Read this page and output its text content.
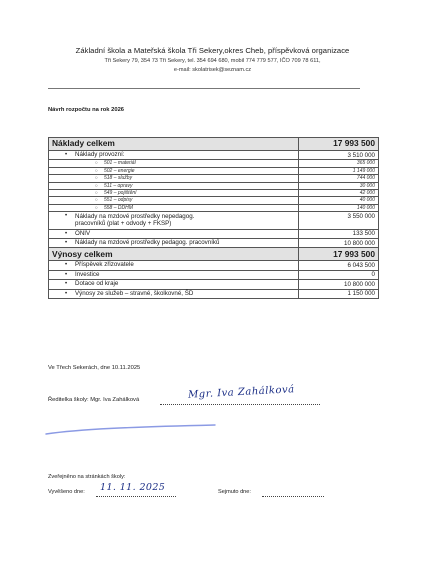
Základní škola a Mateřská škola Tři Sekery,okres Cheb, příspěvková organizace
Tři Sekery 79, 354 73 Tři Sekery, tel. 354 694 680, mobil 774 779 577, IČO 709 78 611,
e-mail: skolatrisek@seznam.cz
Návrh rozpočtu na rok 2026
Náklady celkem	17 993 500
• Náklady provozní:	3 510 000
○ 501 – materiál	365 000
○ 502 – energie	1 149 000
○ 518 – služby	744 000
○ 511 – opravy	30 000
○ 549 – pojištění	42 000
○ 551 – odpisy	40 000
○ 558 – DDHM	140 000

• Náklady na mzdové prostředky nepedagog. pracovníků (plat + odvody + FKSP)	3 550 000
• ONIV	133 500
• Náklady na mzdové prostředky pedagog. pracovníků	10 800 000
Výnosy celkem	17 993 500
• Příspěvek zřizovatele	6 043 500
• Investice	0
• Dotace od kraje	10 800 000
• Výnosy ze služeb – stravné, školkovné, ŠD	1 150 000
Ve Třech Sekerách, dne 10.11.2025
Ředitelka školy: Mgr. Iva Zahálková	Mgr. Iva Zahálková
Zveřejněno na stránkách školy:
Vyvěšeno dne: 11. 11. 2025	Sejmuto dne:
